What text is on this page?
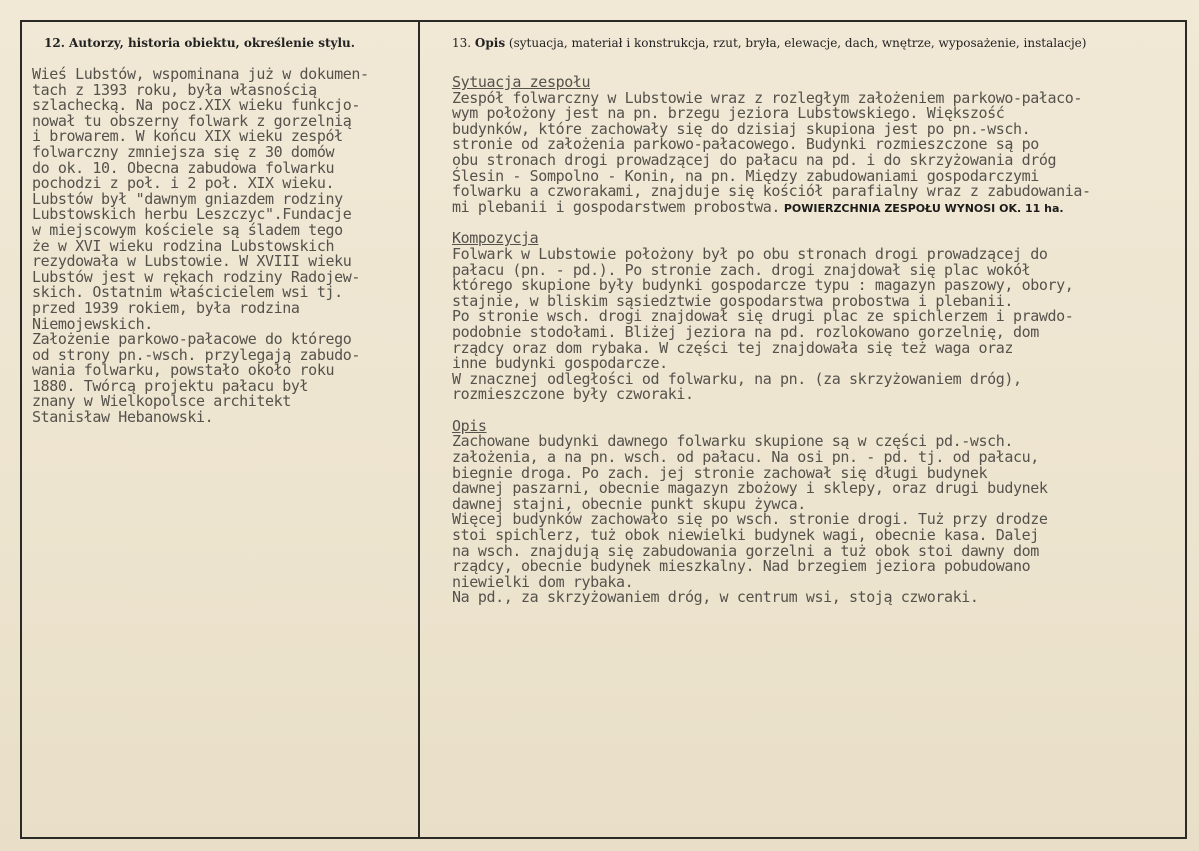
12. Autorzy, historia obiektu, określenie stylu.	13. Opis (sytuacja, materiał i konstrukcja, rzut, bryła, elewacje, dach, wnętrze, wyposażenie, instalacje)
Wieś Lubstów, wspominana już w dokumen-
tach z 1393 roku, była własnością
szlachecką. Na pocz.XIX wieku funkcjo-
nował tu obszerny folwark z gorzelnią
i browarem. W końcu XIX wieku zespół
folwarczny zmniejsza się z 30 domów
do ok. 10. Obecna zabudowa folwarku
pochodzi z poł. i 2 poł. XIX wieku.
Lubstów był "dawnym gniazdem rodziny
Lubstowskich herbu Leszczyc".Fundacje
w miejscowym kościele są śladem tego
że w XVI wieku rodzina Lubstowskich
rezydowała w Lubstowie. W XVIII wieku
Lubstów jest w rękach rodziny Radojew-
skich. Ostatnim właścicielem wsi tj.
przed 1939 rokiem, była rodzina
Niemojewskich.
Założenie parkowo-pałacowe do którego
od strony pn.-wsch. przylegają zabudo-
wania folwarku, powstało około roku
1880. Twórcą projektu pałacu był
znany w Wielkopolsce architekt
Stanisław Hebanowski.
Sytuacja zespołu
Zespół folwarczny w Lubstowie wraz z rozległym założeniem parkowo-pałaco-
wym położony jest na pn. brzegu jeziora Lubstowskiego. Większość
budynków, które zachowały się do dzisiaj skupiona jest po pn.-wsch.
stronie od założenia parkowo-pałacowego. Budynki rozmieszczone są po
obu stronach drogi prowadzącej do pałacu na pd. i do skrzyżowania dróg
Ślesin - Sompolno - Konin, na pn. Między zabudowaniami gospodarczymi
folwarku a czworakami, znajduje się kościół parafialny wraz z zabudowania-
mi plebanii i gospodarstwem probostwa. POWIERZCHNIA ZESPOŁU WYNOSI OK. 11 ha.
Kompozycja
Folwark w Lubstowie położony był po obu stronach drogi prowadzącej do
pałacu (pn. - pd.). Po stronie zach. drogi znajdował się plac wokół
którego skupione były budynki gospodarcze typu : magazyn paszowy, obory,
stajnie, w bliskim sąsiedztwie gospodarstwa probostwa i plebanii.
Po stronie wsch. drogi znajdował się drugi plac ze spichlerzem i prawdo-
podobnie stodołami. Bliżej jeziora na pd. rozlokowano gorzelnię, dom
rządcy oraz dom rybaka. W części tej znajdowała się też waga oraz
inne budynki gospodarcze.
W znacznej odległości od folwarku, na pn. (za skrzyżowaniem dróg),
rozmieszczone były czworaki.
Opis
Zachowane budynki dawnego folwarku skupione są w części pd.-wsch.
założenia, a na pn. wsch. od pałacu. Na osi pn. - pd. tj. od pałacu,
biegnie droga. Po zach. jej stronie zachował się długi budynek
dawnej paszarni, obecnie magazyn zbożowy i sklepy, oraz drugi budynek
dawnej stajni, obecnie punkt skupu żywca.
Więcej budynków zachowało się po wsch. stronie drogi. Tuż przy drodze
stoi spichlerz, tuż obok niewielki budynek wagi, obecnie kasa. Dalej
na wsch. znajdują się zabudowania gorzelni a tuż obok stoi dawny dom
rządcy, obecnie budynek mieszkalny. Nad brzegiem jeziora pobudowano
niewielki dom rybaka.
Na pd., za skrzyżowaniem dróg, w centrum wsi, stoją czworaki.
